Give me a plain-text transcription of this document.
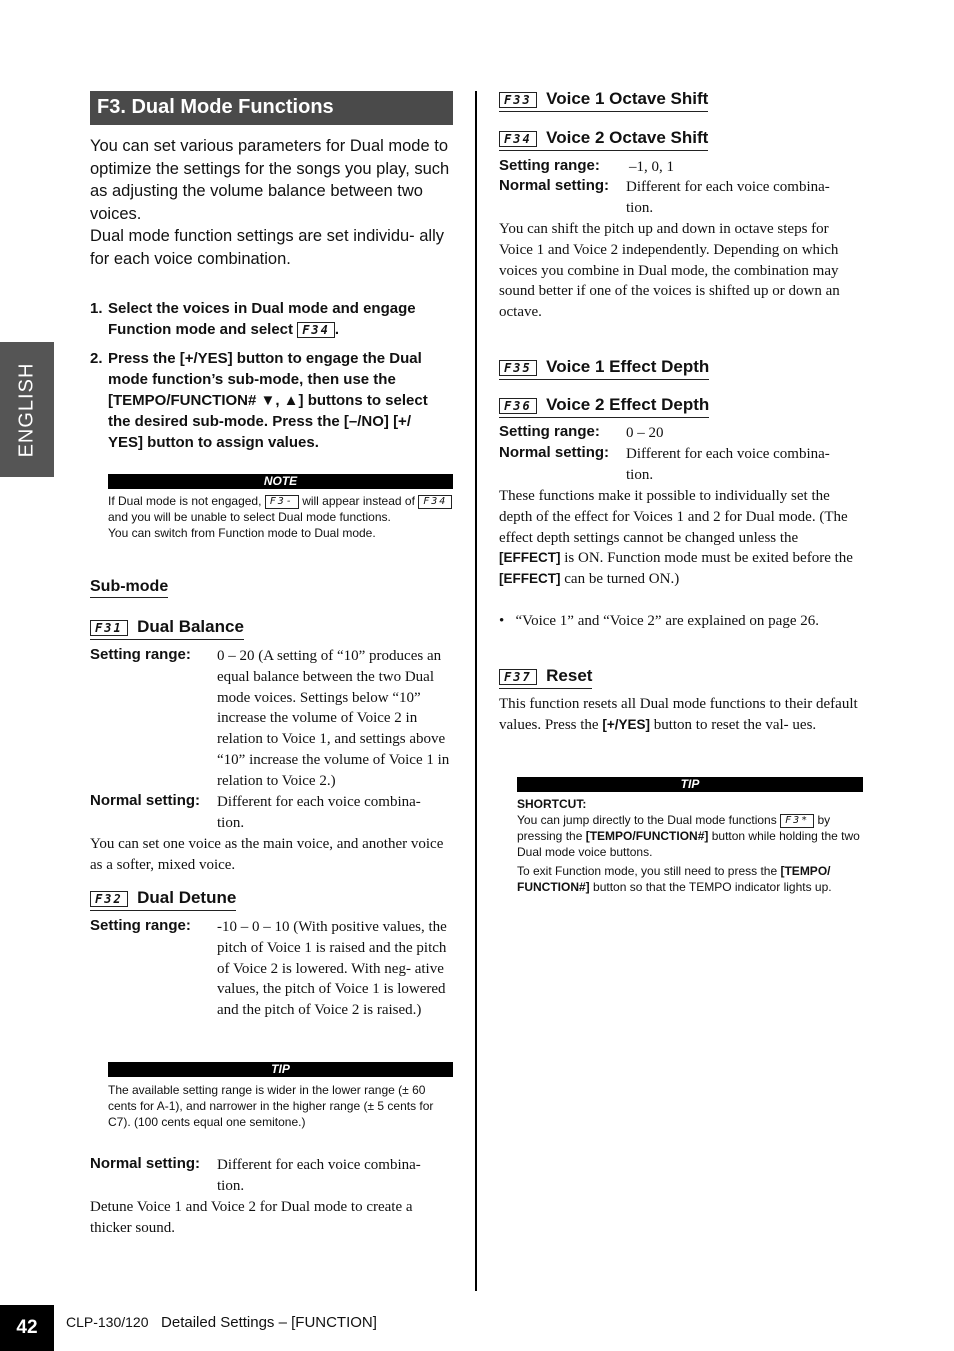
ENGLISH
F3. Dual Mode Functions

You can set various parameters for Dual mode to optimize the settings for the songs you play, such as adjusting the volume balance between two voices.

Dual mode function settings are set individu- ally for each voice combination.

1. Select the voices in Dual mode and engage Function mode and select F34 .
2. Press the [+/YES] button to engage the Dual mode function’s sub-mode, then use the [TEMPO/FUNCTION# ▼, ▲] buttons to select the desired sub-mode. Press the [–/NO] [+/ YES] button to assign values.
NOTE
If Dual mode is not engaged, F3- will appear instead of F34 and you will be unable to select Dual mode functions.
You can switch from Function mode to Dual mode.
Sub-mode
F31 Dual Balance
Setting range: 0 – 20 (A setting of “10” produces an equal balance between the two Dual mode voices. Settings below “10” increase the volume of Voice 2 in relation to Voice 1, and settings above “10” increase the volume of Voice 1 in relation to Voice 2.)
Normal setting: Different for each voice combina- tion.
You can set one voice as the main voice, and another voice as a softer, mixed voice.
F32 Dual Detune
Setting range: -10 – 0 – 10 (With positive values, the pitch of Voice 1 is raised and the pitch of Voice 2 is lowered. With neg- ative values, the pitch of Voice 1 is lowered and the pitch of Voice 2 is raised.)
TIP
The available setting range is wider in the lower range (± 60 cents for A-1), and narrower in the higher range (± 5 cents for C7). (100 cents equal one semitone.)
Normal setting: Different for each voice combina- tion.
Detune Voice 1 and Voice 2 for Dual mode to create a thicker sound.
F33 Voice 1 Octave Shift
F34 Voice 2 Octave Shift
Setting range: –1, 0, 1
Normal setting: Different for each voice combina- tion.
You can shift the pitch up and down in octave steps for Voice 1 and Voice 2 independently. Depending on which voices you combine in Dual mode, the combination may sound better if one of the voices is shifted up or down an octave.
F35 Voice 1 Effect Depth
F36 Voice 2 Effect Depth
Setting range: 0 – 20
Normal setting: Different for each voice combina- tion.
These functions make it possible to individually set the depth of the effect for Voices 1 and 2 for Dual mode. (The effect depth settings cannot be changed unless the [EFFECT] is ON. Function mode must be exited before the [EFFECT] can be turned ON.)
• “Voice 1” and “Voice 2” are explained on page 26.
F37 Reset
This function resets all Dual mode functions to their default values. Press the [+/YES] button to reset the val- ues.
TIP
SHORTCUT:
You can jump directly to the Dual mode functions F3* by pressing the [TEMPO/FUNCTION#] button while holding the two Dual mode voice buttons.
To exit Function mode, you still need to press the [TEMPO/ FUNCTION#] button so that the TEMPO indicator lights up.
42	CLP-130/120 Detailed Settings – [FUNCTION]
